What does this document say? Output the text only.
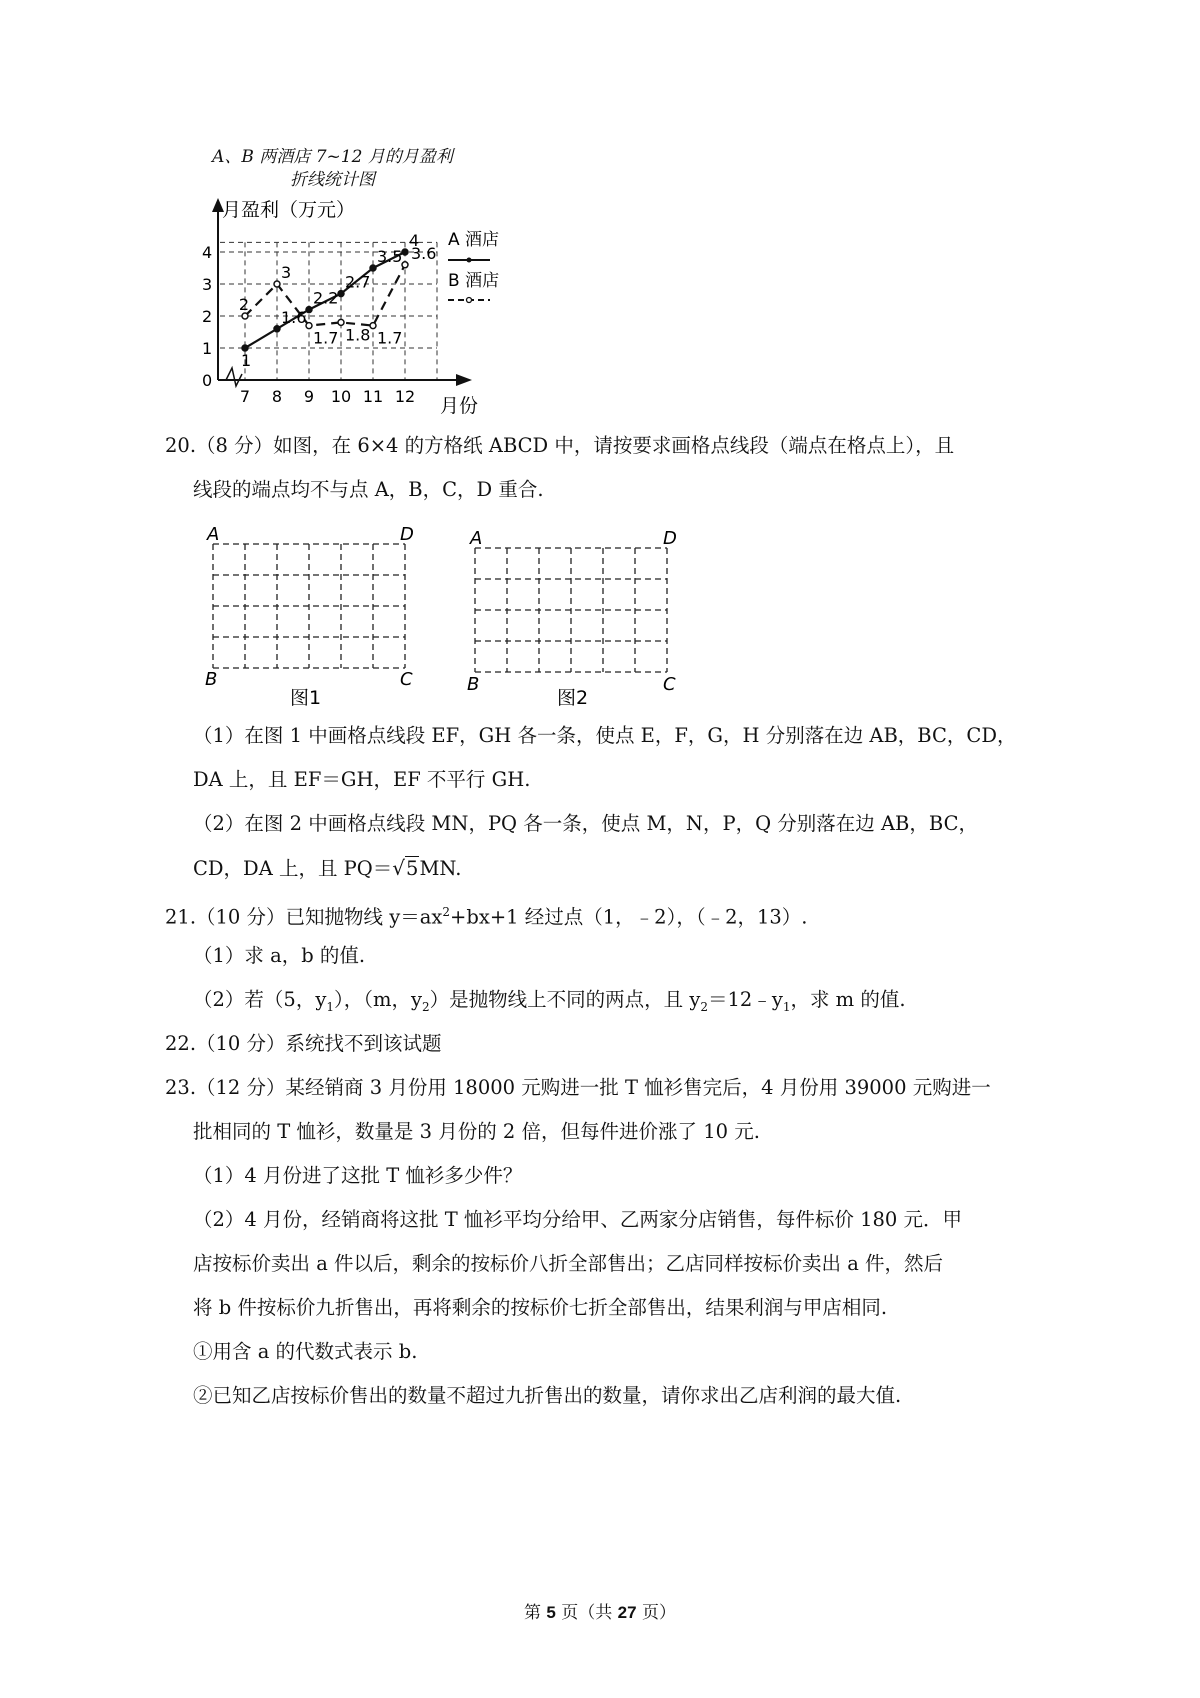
A、B 两酒店 7~12 月的月盈利
折线统计图
月盈利（万元）
月份
0
1
2
3
4
7 8 9 10 11 12
1
1.6
2.2
2.7
3.5
4
2
3
1.7 1.8 1.7
3.6
A 酒店
B 酒店
20.（8 分）如图，在 6×4 的方格纸 ABCD 中，请按要求画格点线段（端点在格点上），且
线段的端点均不与点 A，B，C，D 重合.
A	D
B	C
图1
A	D
B	C
图2
（1）在图 1 中画格点线段 EF，GH 各一条，使点 E，F，G，H 分别落在边 AB，BC，CD，
DA 上，且 EF＝GH，EF 不平行 GH.
（2）在图 2 中画格点线段 MN，PQ 各一条，使点 M，N，P，Q 分别落在边 AB，BC，
CD，DA 上，且 PQ＝√5MN.
21.（10 分）已知抛物线 $y=ax^2+bx+1$ 经过点（1，﹣2），（﹣2，13）.
（1）求 a，b 的值.
（2）若（5，$y_1$），（m，$y_2$）是抛物线上不同的两点，且 $y_2=12﹣y_1$，求 m 的值.
22.（10 分）系统找不到该试题
23.（12 分）某经销商 3 月份用 18000 元购进一批 T 恤衫售完后，4 月份用 39000 元购进一
批相同的 T 恤衫，数量是 3 月份的 2 倍，但每件进价涨了 10 元.
（1）4 月份进了这批 T 恤衫多少件？
（2）4 月份，经销商将这批 T 恤衫平均分给甲、乙两家分店销售，每件标价 180 元．甲
店按标价卖出 a 件以后，剩余的按标价八折全部售出；乙店同样按标价卖出 a 件，然后
将 b 件按标价九折售出，再将剩余的按标价七折全部售出，结果利润与甲店相同.
①用含 a 的代数式表示 b.
②已知乙店按标价售出的数量不超过九折售出的数量，请你求出乙店利润的最大值.
第 5 页（共 27 页）
